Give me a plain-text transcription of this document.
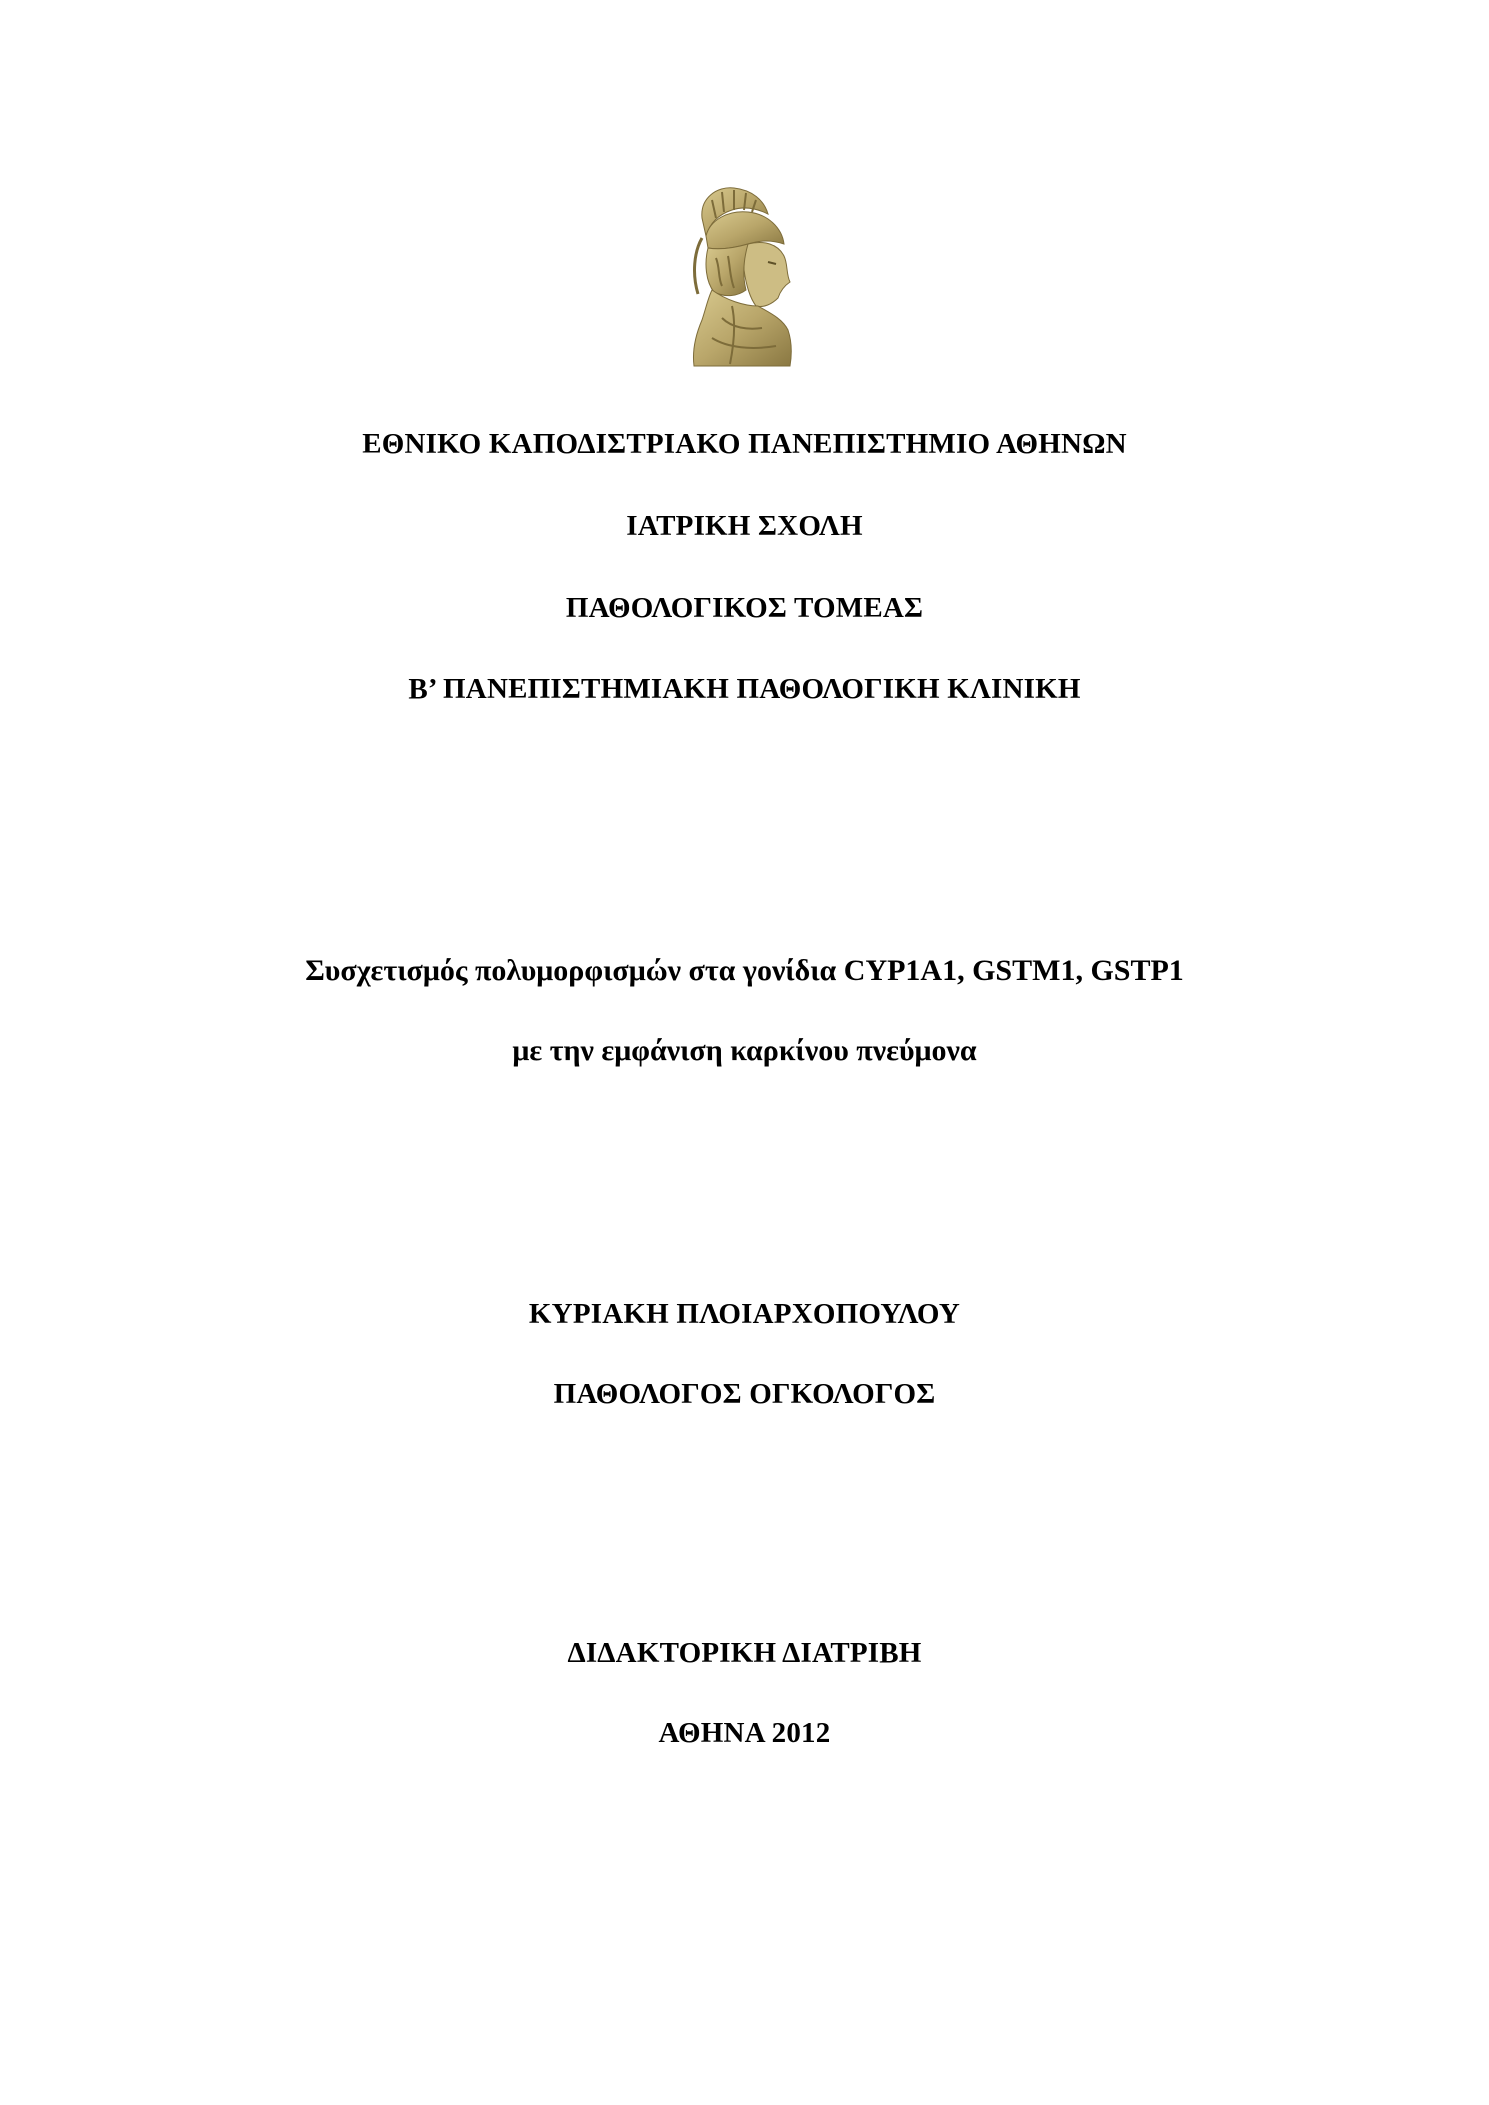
ΕΘΝΙΚΟ ΚΑΠΟΔΙΣΤΡΙΑΚΟ ΠΑΝΕΠΙΣΤΗΜΙΟ ΑΘΗΝΩΝ
ΙΑΤΡΙΚΗ ΣΧΟΛΗ
ΠΑΘΟΛΟΓΙΚΟΣ ΤΟΜΕΑΣ
Β’ ΠΑΝΕΠΙΣΤΗΜΙΑΚΗ ΠΑΘΟΛΟΓΙΚΗ ΚΛΙΝΙΚΗ
Συσχετισμός πολυμορφισμών στα γονίδια CYP1A1, GSTM1, GSTP1
με την εμφάνιση καρκίνου πνεύμονα
ΚΥΡΙΑΚΗ ΠΛΟΙΑΡΧΟΠΟΥΛΟΥ
ΠΑΘΟΛΟΓΟΣ ΟΓΚΟΛΟΓΟΣ
ΔΙΔΑΚΤΟΡΙΚΗ ΔΙΑΤΡΙΒΗ
ΑΘΗΝΑ 2012
